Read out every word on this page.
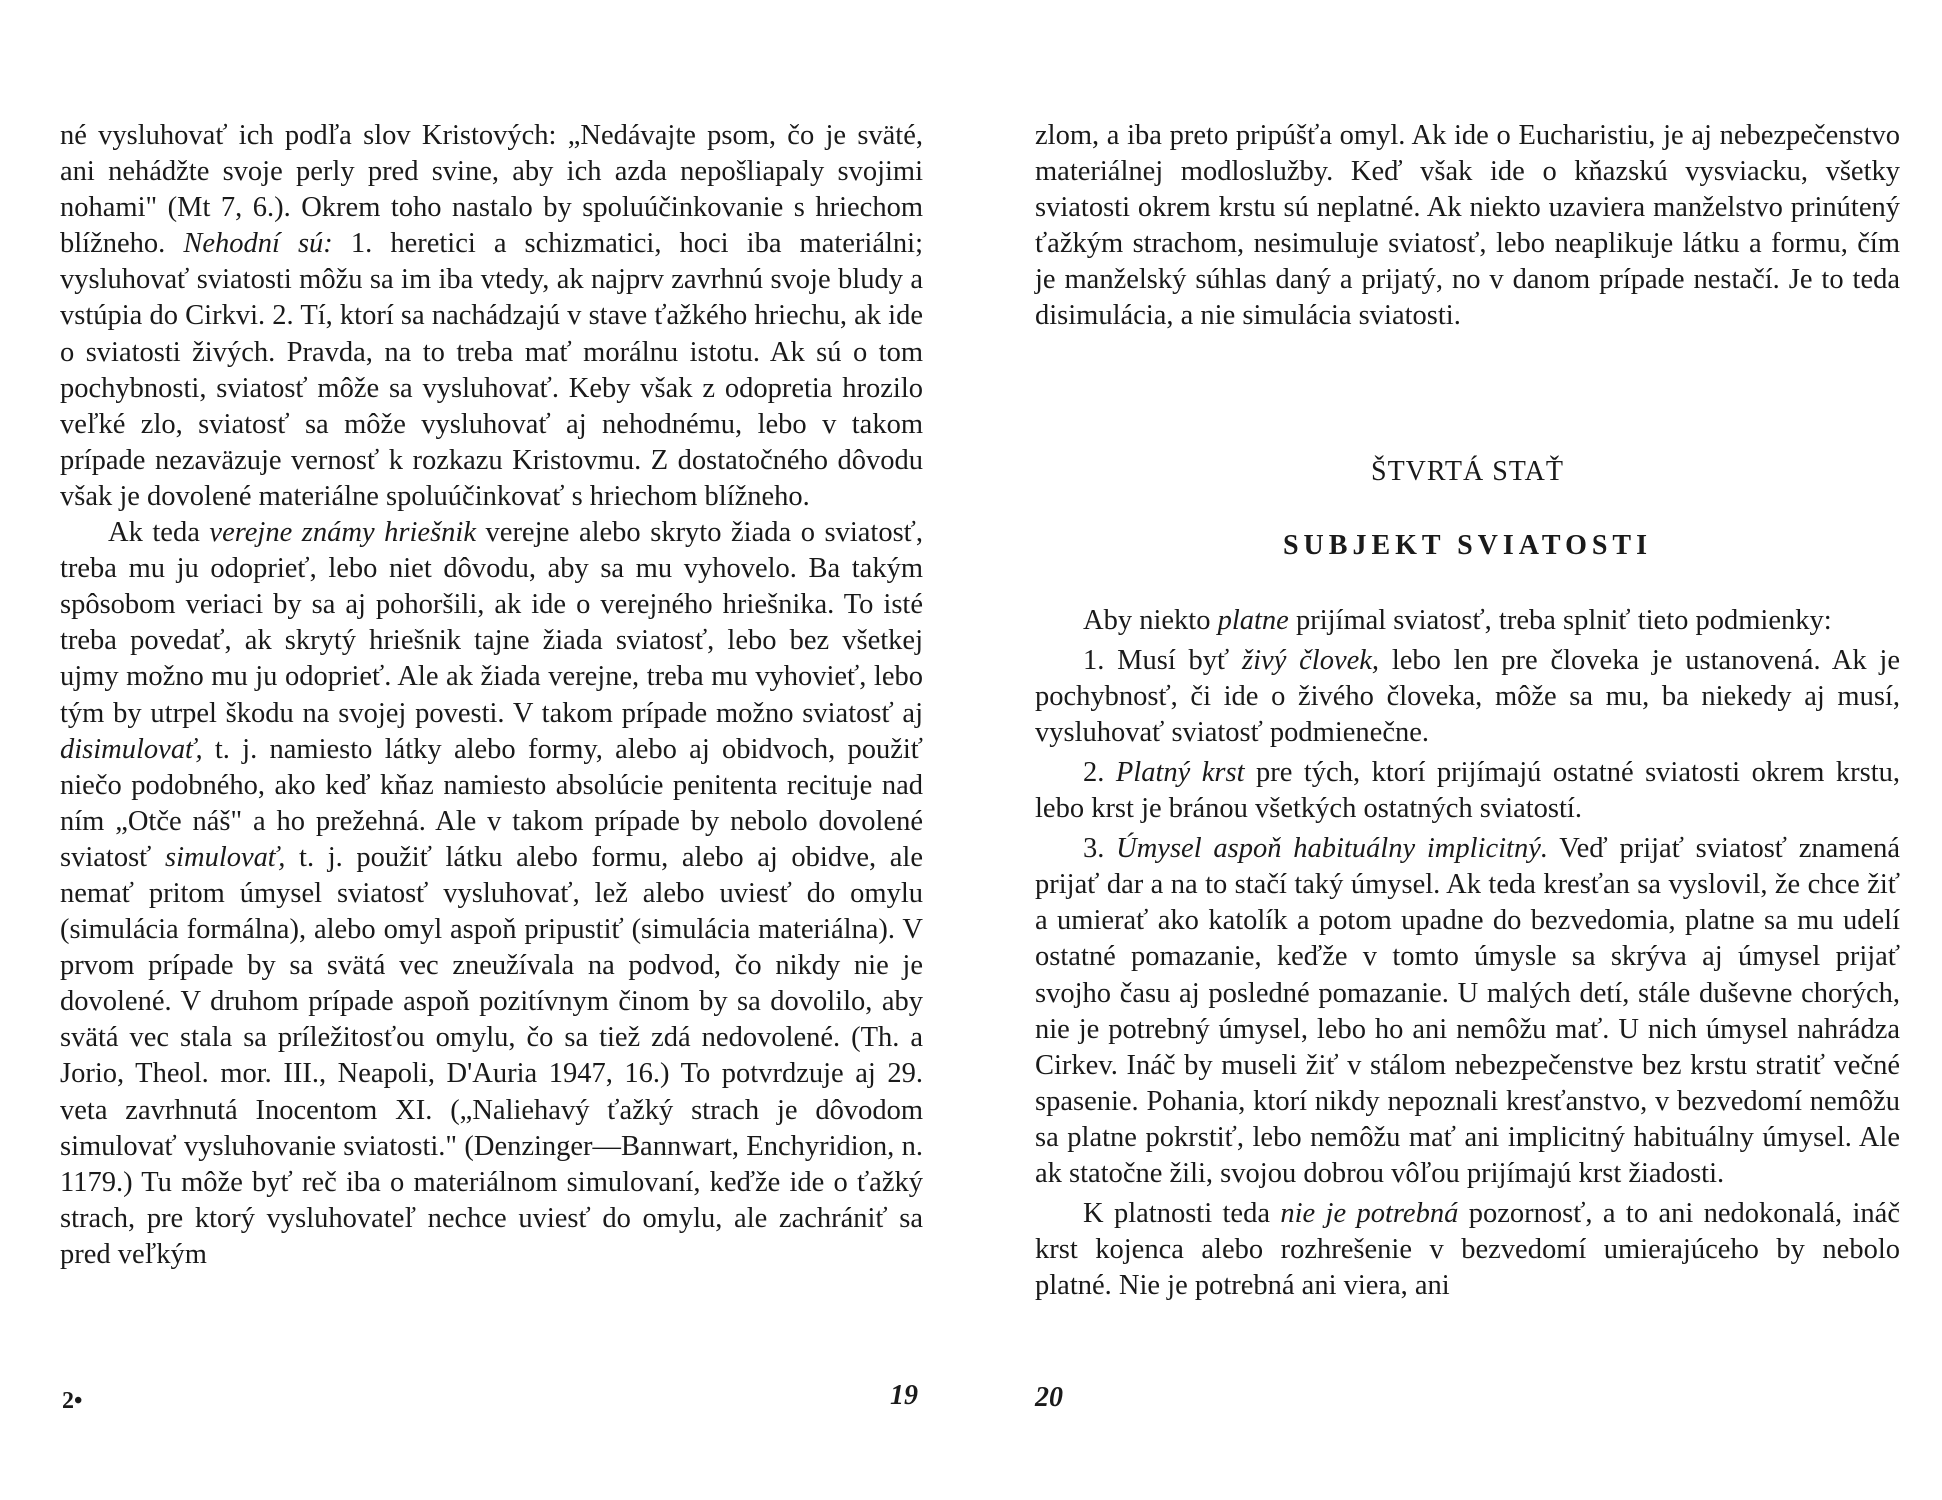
né vysluhovať ich podľa slov Kristových: „Nedávajte psom, čo je sväté, ani nehádžte svoje perly pred svine, aby ich azda nepošliapaly svojimi nohami" (Mt 7, 6.). Okrem toho nastalo by spoluúčinkovanie s hriechom blížneho. Nehodní sú: 1. heretici a schizmatici, hoci iba materiálni; vysluhovať sviatosti môžu sa im iba vtedy, ak najprv zavrhnú svoje bludy a vstúpia do Cirkvi. 2. Tí, ktorí sa nachádzajú v stave ťažkého hriechu, ak ide o sviatosti živých. Pravda, na to treba mať morálnu istotu. Ak sú o tom pochybnosti, sviatosť môže sa vysluhovať. Keby však z odopretia hrozilo veľké zlo, sviatosť sa môže vysluhovať aj nehodnému, lebo v takom prípade nezaväzuje vernosť k rozkazu Kristovmu. Z dostatočného dôvodu však je dovolené materiálne spoluúčinkovať s hriechom blížneho.

Ak teda verejne známy hriešnik verejne alebo skryto žiada o sviatosť, treba mu ju odoprieť, lebo niet dôvodu, aby sa mu vyhovelo. Ba takým spôsobom veriaci by sa aj pohoršili, ak ide o verejného hriešnika. To isté treba povedať, ak skrytý hriešnik tajne žiada sviatosť, lebo bez všetkej ujmy možno mu ju odoprieť. Ale ak žiada verejne, treba mu vyhovieť, lebo tým by utrpel škodu na svojej povesti. V takom prípade možno sviatosť aj disimulovať, t. j. namiesto látky alebo formy, alebo aj obidvoch, použiť niečo podobného, ako keď kňaz namiesto absolúcie penitenta recituje nad ním „Otče náš" a ho prežehná. Ale v takom prípade by nebolo dovolené sviatosť simulovať, t. j. použiť látku alebo formu, alebo aj obidve, ale nemať pritom úmysel sviatosť vysluhovať, lež alebo uviesť do omylu (simulácia formálna), alebo omyl aspoň pripustiť (simulácia materiálna). V prvom prípade by sa svätá vec zneužívala na podvod, čo nikdy nie je dovolené. V druhom prípade aspoň pozitívnym činom by sa dovolilo, aby svätá vec stala sa príležitosťou omylu, čo sa tiež zdá nedovolené. (Th. a Jorio, Theol. mor. III., Neapoli, D'Auria 1947, 16.) To potvrdzuje aj 29. veta zavrhnutá Inocentom XI. („Naliehavý ťažký strach je dôvodom simulovať vysluhovanie sviatosti." (Denzinger—Bannwart, Enchyridion, n. 1179.) Tu môže byť reč iba o materiálnom simulovaní, keďže ide o ťažký strach, pre ktorý vysluhovateľ nechce uviesť do omylu, ale zachrániť sa pred veľkým

zlom, a iba preto pripúšťa omyl. Ak ide o Eucharistiu, je aj nebezpečenstvo materiálnej modloslužby. Keď však ide o kňazskú vysviacku, všetky sviatosti okrem krstu sú neplatné. Ak niekto uzaviera manželstvo prinútený ťažkým strachom, nesimuluje sviatosť, lebo neaplikuje látku a formu, čím je manželský súhlas daný a prijatý, no v danom prípade nestačí. Je to teda disimulácia, a nie simulácia sviatosti.

ŠTVRTÁ STAŤ
SUBJEKT SVIATOSTI

Aby niekto platne prijímal sviatosť, treba splniť tieto podmienky:

1. Musí byť živý človek, lebo len pre človeka je ustanovená. Ak je pochybnosť, či ide o živého človeka, môže sa mu, ba niekedy aj musí, vysluhovať sviatosť podmienečne.

2. Platný krst pre tých, ktorí prijímajú ostatné sviatosti okrem krstu, lebo krst je bránou všetkých ostatných sviatostí.

3. Úmysel aspoň habituálny implicitný. Veď prijať sviatosť znamená prijať dar a na to stačí taký úmysel. Ak teda kresťan sa vyslovil, že chce žiť a umierať ako katolík a potom upadne do bezvedomia, platne sa mu udelí ostatné pomazanie, keďže v tomto úmysle sa skrýva aj úmysel prijať svojho času aj posledné pomazanie. U malých detí, stále duševne chorých, nie je potrebný úmysel, lebo ho ani nemôžu mať. U nich úmysel nahrádza Cirkev. Ináč by museli žiť v stálom nebezpečenstve bez krstu stratiť večné spasenie. Pohania, ktorí nikdy nepoznali kresťanstvo, v bezvedomí nemôžu sa platne pokrstiť, lebo nemôžu mať ani implicitný habituálny úmysel. Ale ak statočne žili, svojou dobrou vôľou prijímajú krst žiadosti.

K platnosti teda nie je potrebná pozornosť, a to ani nedokonalá, ináč krst kojenca alebo rozhrešenie v bezvedomí umierajúceho by nebolo platné. Nie je potrebná ani viera, ani

2•	19	20
